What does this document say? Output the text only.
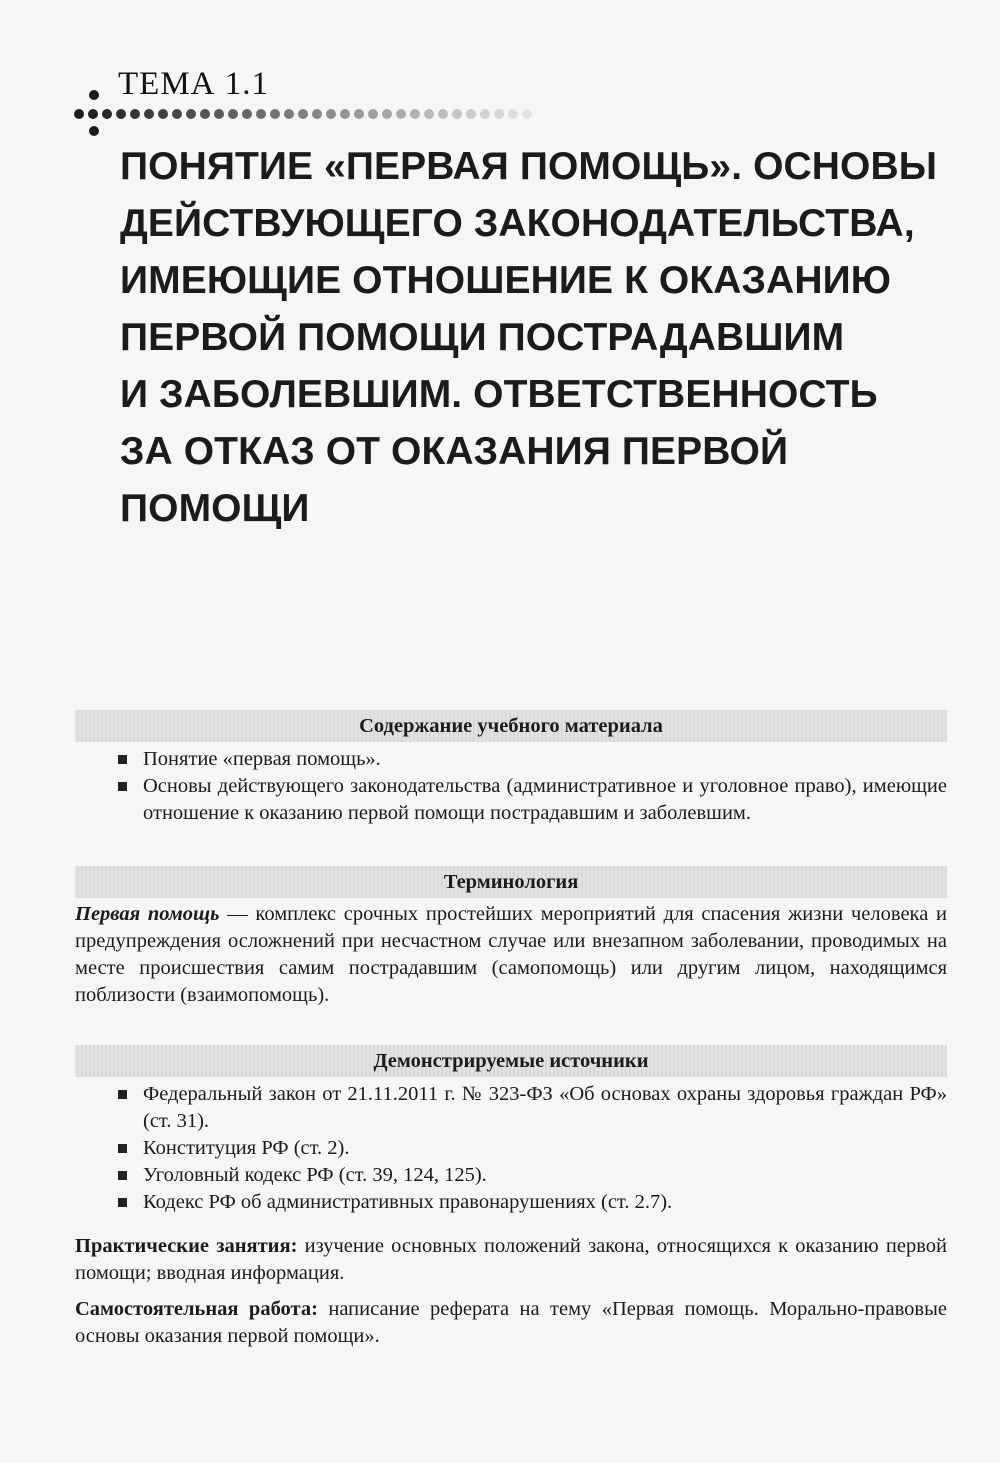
ТЕМА 1.1
ПОНЯТИЕ «ПЕРВАЯ ПОМОЩЬ». ОСНОВЫ
ДЕЙСТВУЮЩЕГО ЗАКОНОДАТЕЛЬСТВА,
ИМЕЮЩИЕ ОТНОШЕНИЕ К ОКАЗАНИЮ
ПЕРВОЙ ПОМОЩИ ПОСТРАДАВШИМ
И ЗАБОЛЕВШИМ. ОТВЕТСТВЕННОСТЬ
ЗА ОТКАЗ ОТ ОКАЗАНИЯ ПЕРВОЙ
ПОМОЩИ
Содержание учебного материала
Понятие «первая помощь».
Основы действующего законодательства (административное и уголовное право), имеющие отношение к оказанию первой помощи пострадавшим и заболевшим.
Терминология

Первая помощь — комплекс срочных простейших мероприятий для спасения жизни человека и предупреждения осложнений при несчастном случае или внезапном заболевании, проводимых на месте происшествия самим пострадавшим (самопомощь) или другим лицом, находящимся поблизости (взаимопомощь).

Демонстрируемые источники
Федеральный закон от 21.11.2011 г. № 323-ФЗ «Об основах охраны здоровья граждан РФ» (ст. 31).
Конституция РФ (ст. 2).
Уголовный кодекс РФ (ст. 39, 124, 125).
Кодекс РФ об административных правонарушениях (ст. 2.7).

Практические занятия: изучение основных положений закона, относящихся к оказанию первой помощи; вводная информация.

Самостоятельная работа: написание реферата на тему «Первая помощь. Морально-правовые основы оказания первой помощи».
